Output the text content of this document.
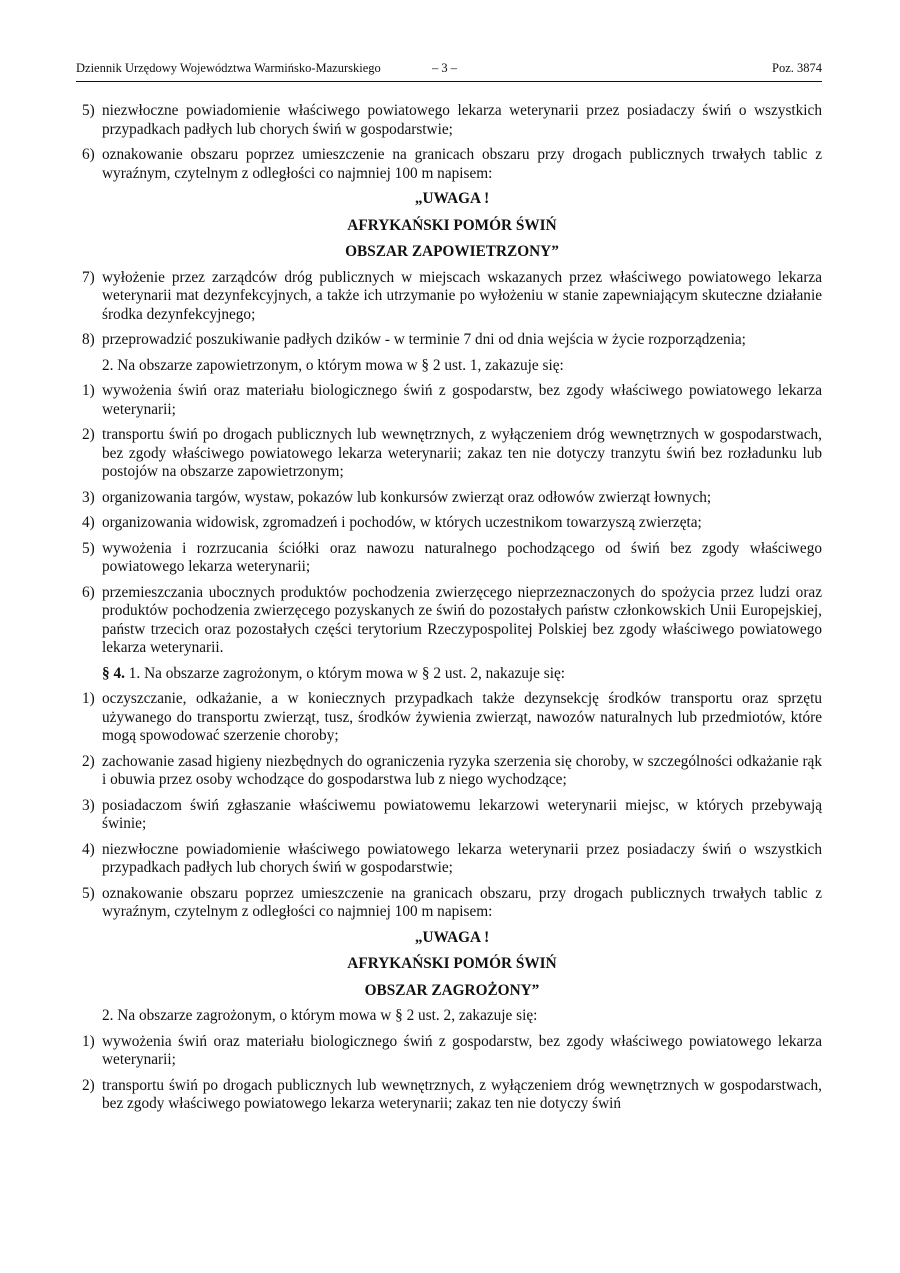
Dziennik Urzędowy Województwa Warmińsko-Mazurskiego	– 3 –	Poz. 3874
5) niezwłoczne powiadomienie właściwego powiatowego lekarza weterynarii przez posiadaczy świń o wszystkich przypadkach padłych lub chorych świń w gospodarstwie;
6) oznakowanie obszaru poprzez umieszczenie na granicach obszaru przy drogach publicznych trwałych tablic z wyraźnym, czytelnym z odległości co najmniej 100 m napisem:
„UWAGA !
AFRYKAŃSKI POMÓR ŚWIŃ
OBSZAR ZAPOWIETRZONY”
7) wyłożenie przez zarządców dróg publicznych w miejscach wskazanych przez właściwego powiatowego lekarza weterynarii mat dezynfekcyjnych, a także ich utrzymanie po wyłożeniu w stanie zapewniającym skuteczne działanie środka dezynfekcyjnego;
8) przeprowadzić poszukiwanie padłych dzików - w terminie 7 dni od dnia wejścia w życie rozporządzenia;
2. Na obszarze zapowietrzonym, o którym mowa w § 2 ust. 1, zakazuje się:
1) wywożenia świń oraz materiału biologicznego świń z gospodarstw, bez zgody właściwego powiatowego lekarza weterynarii;
2) transportu świń po drogach publicznych lub wewnętrznych, z wyłączeniem dróg wewnętrznych w gospodarstwach, bez zgody właściwego powiatowego lekarza weterynarii; zakaz ten nie dotyczy tranzytu świń bez rozładunku lub postojów na obszarze zapowietrzonym;
3) organizowania targów, wystaw, pokazów lub konkursów zwierząt oraz odłowów zwierząt łownych;
4) organizowania widowisk, zgromadzeń i pochodów, w których uczestnikom towarzyszą zwierzęta;
5) wywożenia i rozrzucania ściółki oraz nawozu naturalnego pochodzącego od świń bez zgody właściwego powiatowego lekarza weterynarii;
6) przemieszczania ubocznych produktów pochodzenia zwierzęcego nieprzeznaczonych do spożycia przez ludzi oraz produktów pochodzenia zwierzęcego pozyskanych ze świń do pozostałych państw członkowskich Unii Europejskiej, państw trzecich oraz pozostałych części terytorium Rzeczypospolitej Polskiej bez zgody właściwego powiatowego lekarza weterynarii.
§ 4. 1. Na obszarze zagrożonym, o którym mowa w § 2 ust. 2, nakazuje się:
1) oczyszczanie, odkażanie, a w koniecznych przypadkach także dezynsekcję środków transportu oraz sprzętu używanego do transportu zwierząt, tusz, środków żywienia zwierząt, nawozów naturalnych lub przedmiotów, które mogą spowodować szerzenie choroby;
2) zachowanie zasad higieny niezbędnych do ograniczenia ryzyka szerzenia się choroby, w szczególności odkażanie rąk i obuwia przez osoby wchodzące do gospodarstwa lub z niego wychodzące;
3) posiadaczom świń zgłaszanie właściwemu powiatowemu lekarzowi weterynarii miejsc, w których przebywają świnie;
4) niezwłoczne powiadomienie właściwego powiatowego lekarza weterynarii przez posiadaczy świń o wszystkich przypadkach padłych lub chorych świń w gospodarstwie;
5) oznakowanie obszaru poprzez umieszczenie na granicach obszaru, przy drogach publicznych trwałych tablic z wyraźnym, czytelnym z odległości co najmniej 100 m napisem:
„UWAGA !
AFRYKAŃSKI POMÓR ŚWIŃ
OBSZAR ZAGROŻONY”
2. Na obszarze zagrożonym, o którym mowa w § 2 ust. 2, zakazuje się:
1) wywożenia świń oraz materiału biologicznego świń z gospodarstw, bez zgody właściwego powiatowego lekarza weterynarii;
2) transportu świń po drogach publicznych lub wewnętrznych, z wyłączeniem dróg wewnętrznych w gospodarstwach, bez zgody właściwego powiatowego lekarza weterynarii; zakaz ten nie dotyczy świń
